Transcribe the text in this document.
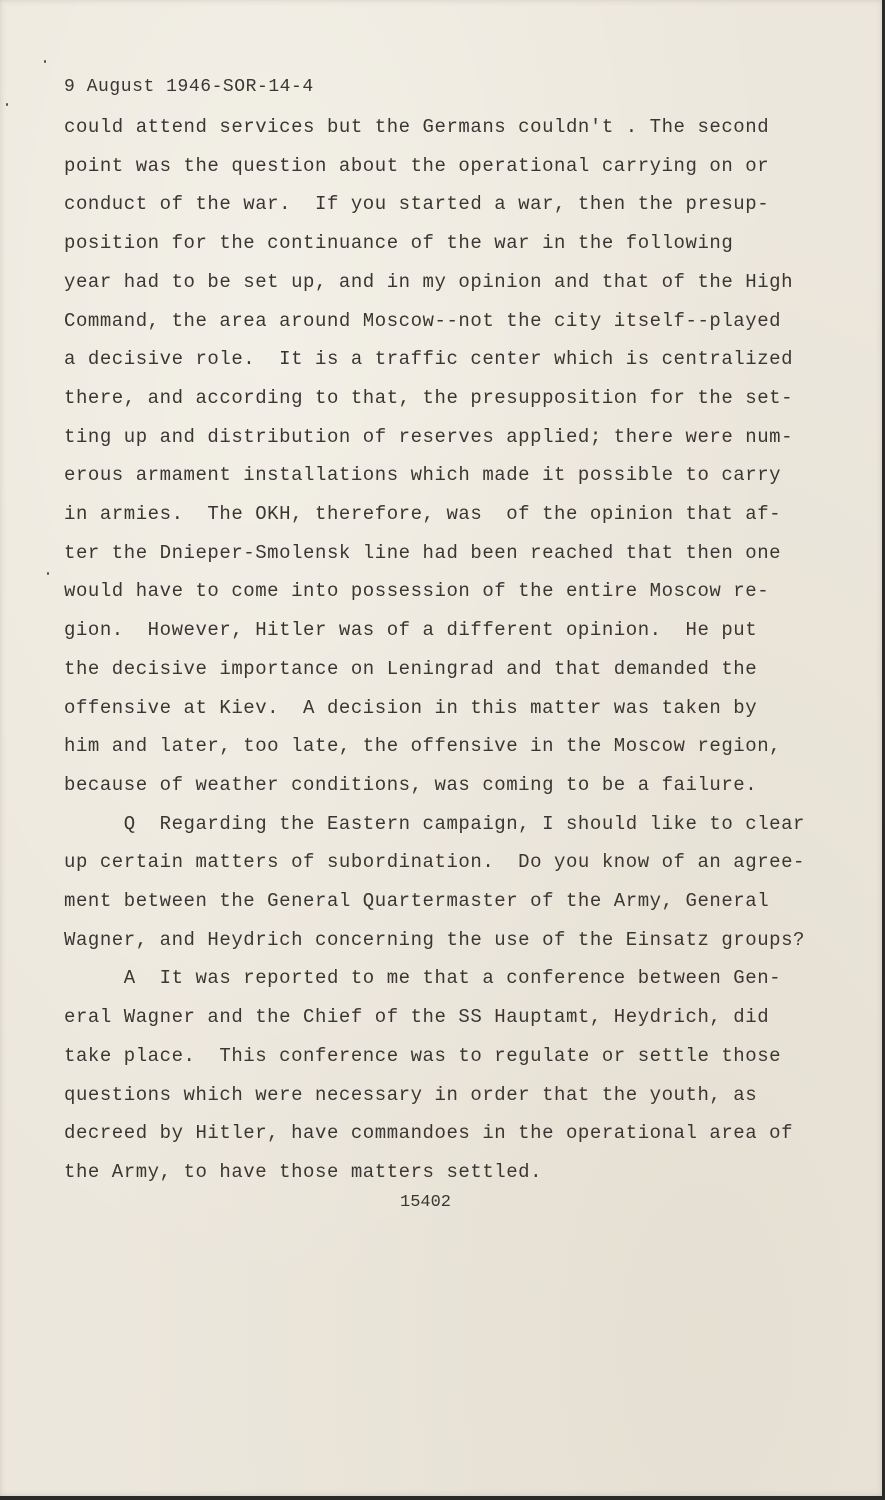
9 August 1946-SOR-14-4
could attend services but the Germans couldn't . The second
point was the question about the operational carrying on or
conduct of the war.  If you started a war, then the presup-
position for the continuance of the war in the following
year had to be set up, and in my opinion and that of the High
Command, the area around Moscow--not the city itself--played
a decisive role.  It is a traffic center which is centralized
there, and according to that, the presupposition for the set-
ting up and distribution of reserves applied; there were num-
erous armament installations which made it possible to carry
in armies.  The OKH, therefore, was  of the opinion that af-
ter the Dnieper-Smolensk line had been reached that then one
would have to come into possession of the entire Moscow re-
gion.  However, Hitler was of a different opinion.  He put
the decisive importance on Leningrad and that demanded the
offensive at Kiev.  A decision in this matter was taken by
him and later, too late, the offensive in the Moscow region,
because of weather conditions, was coming to be a failure.
Q  Regarding the Eastern campaign, I should like to clear
up certain matters of subordination.  Do you know of an agree-
ment between the General Quartermaster of the Army, General
Wagner, and Heydrich concerning the use of the Einsatz groups?
A  It was reported to me that a conference between Gen-
eral Wagner and the Chief of the SS Hauptamt, Heydrich, did
take place.  This conference was to regulate or settle those
questions which were necessary in order that the youth, as
decreed by Hitler, have commandoes in the operational area of
the Army, to have those matters settled.
15402
